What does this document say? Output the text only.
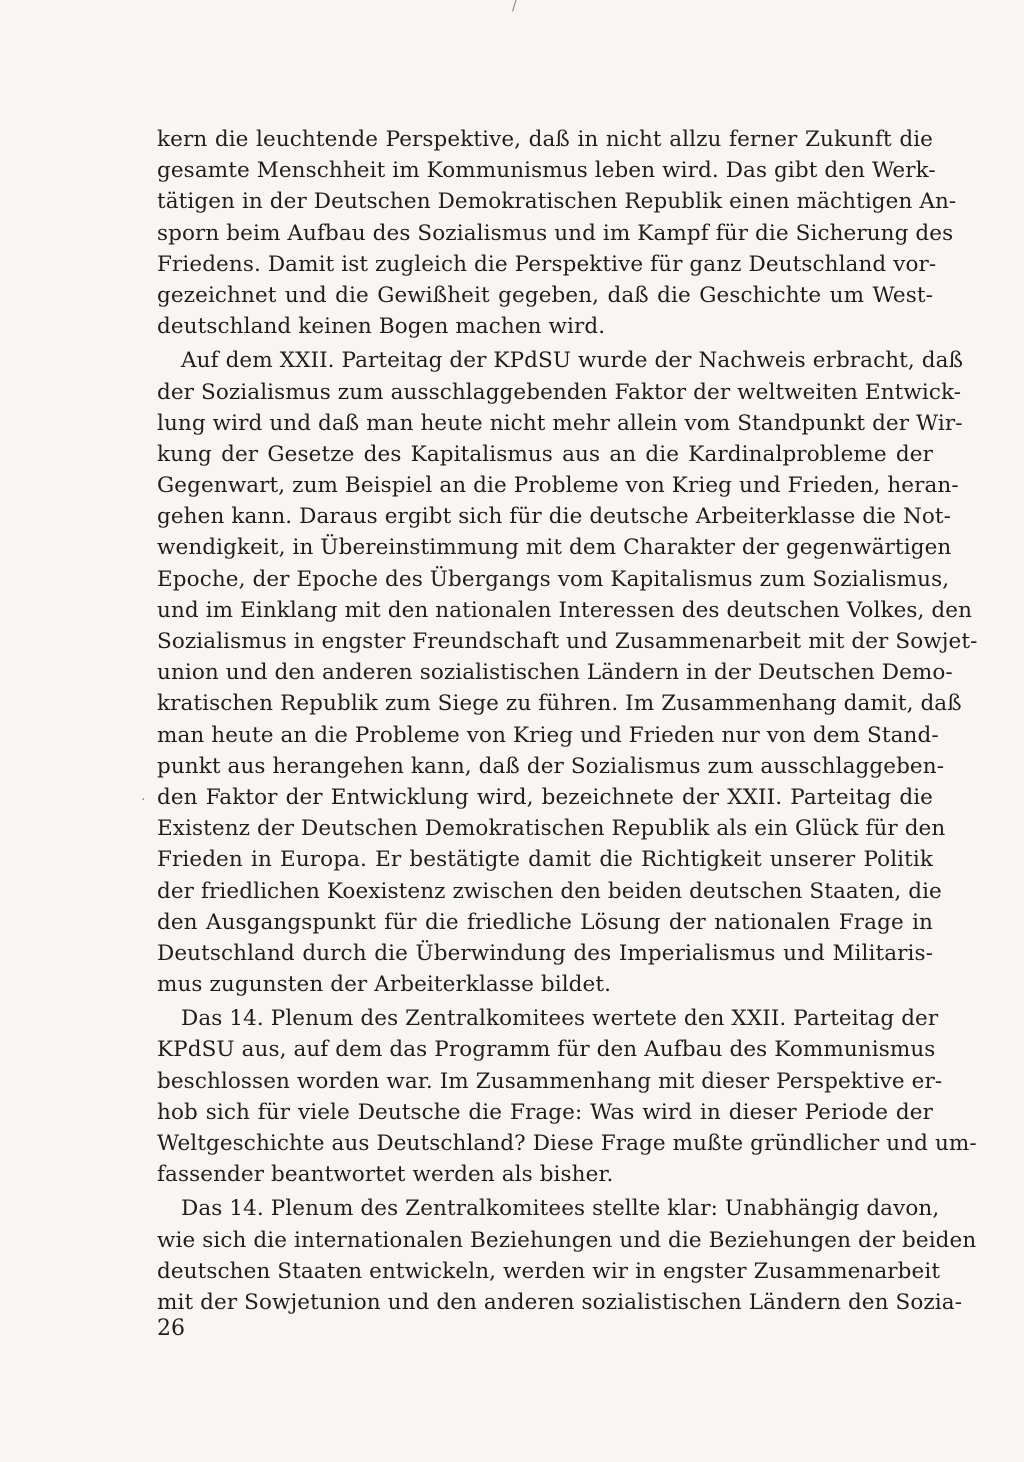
/
.
kern die leuchtende Perspektive, daß in nicht allzu ferner Zukunft die
gesamte Menschheit im Kommunismus leben wird. Das gibt den Werk-
tätigen in der Deutschen Demokratischen Republik einen mächtigen An-
sporn beim Aufbau des Sozialismus und im Kampf für die Sicherung des
Friedens. Damit ist zugleich die Perspektive für ganz Deutschland vor-
gezeichnet und die Gewißheit gegeben, daß die Geschichte um West-
deutschland keinen Bogen machen wird.
Auf dem XXII. Parteitag der KPdSU wurde der Nachweis erbracht, daß
der Sozialismus zum ausschlaggebenden Faktor der weltweiten Entwick-
lung wird und daß man heute nicht mehr allein vom Standpunkt der Wir-
kung der Gesetze des Kapitalismus aus an die Kardinalprobleme der
Gegenwart, zum Beispiel an die Probleme von Krieg und Frieden, heran-
gehen kann. Daraus ergibt sich für die deutsche Arbeiterklasse die Not-
wendigkeit, in Übereinstimmung mit dem Charakter der gegenwärtigen
Epoche, der Epoche des Übergangs vom Kapitalismus zum Sozialismus,
und im Einklang mit den nationalen Interessen des deutschen Volkes, den
Sozialismus in engster Freundschaft und Zusammenarbeit mit der Sowjet-
union und den anderen sozialistischen Ländern in der Deutschen Demo-
kratischen Republik zum Siege zu führen. Im Zusammenhang damit, daß
man heute an die Probleme von Krieg und Frieden nur von dem Stand-
punkt aus herangehen kann, daß der Sozialismus zum ausschlaggeben-
den Faktor der Entwicklung wird, bezeichnete der XXII. Parteitag die
Existenz der Deutschen Demokratischen Republik als ein Glück für den
Frieden in Europa. Er bestätigte damit die Richtigkeit unserer Politik
der friedlichen Koexistenz zwischen den beiden deutschen Staaten, die
den Ausgangspunkt für die friedliche Lösung der nationalen Frage in
Deutschland durch die Überwindung des Imperialismus und Militaris-
mus zugunsten der Arbeiterklasse bildet.
Das 14. Plenum des Zentralkomitees wertete den XXII. Parteitag der
KPdSU aus, auf dem das Programm für den Aufbau des Kommunismus
beschlossen worden war. Im Zusammenhang mit dieser Perspektive er-
hob sich für viele Deutsche die Frage: Was wird in dieser Periode der
Weltgeschichte aus Deutschland? Diese Frage mußte gründlicher und um-
fassender beantwortet werden als bisher.
Das 14. Plenum des Zentralkomitees stellte klar: Unabhängig davon,
wie sich die internationalen Beziehungen und die Beziehungen der beiden
deutschen Staaten entwickeln, werden wir in engster Zusammenarbeit
mit der Sowjetunion und den anderen sozialistischen Ländern den Sozia-
26
